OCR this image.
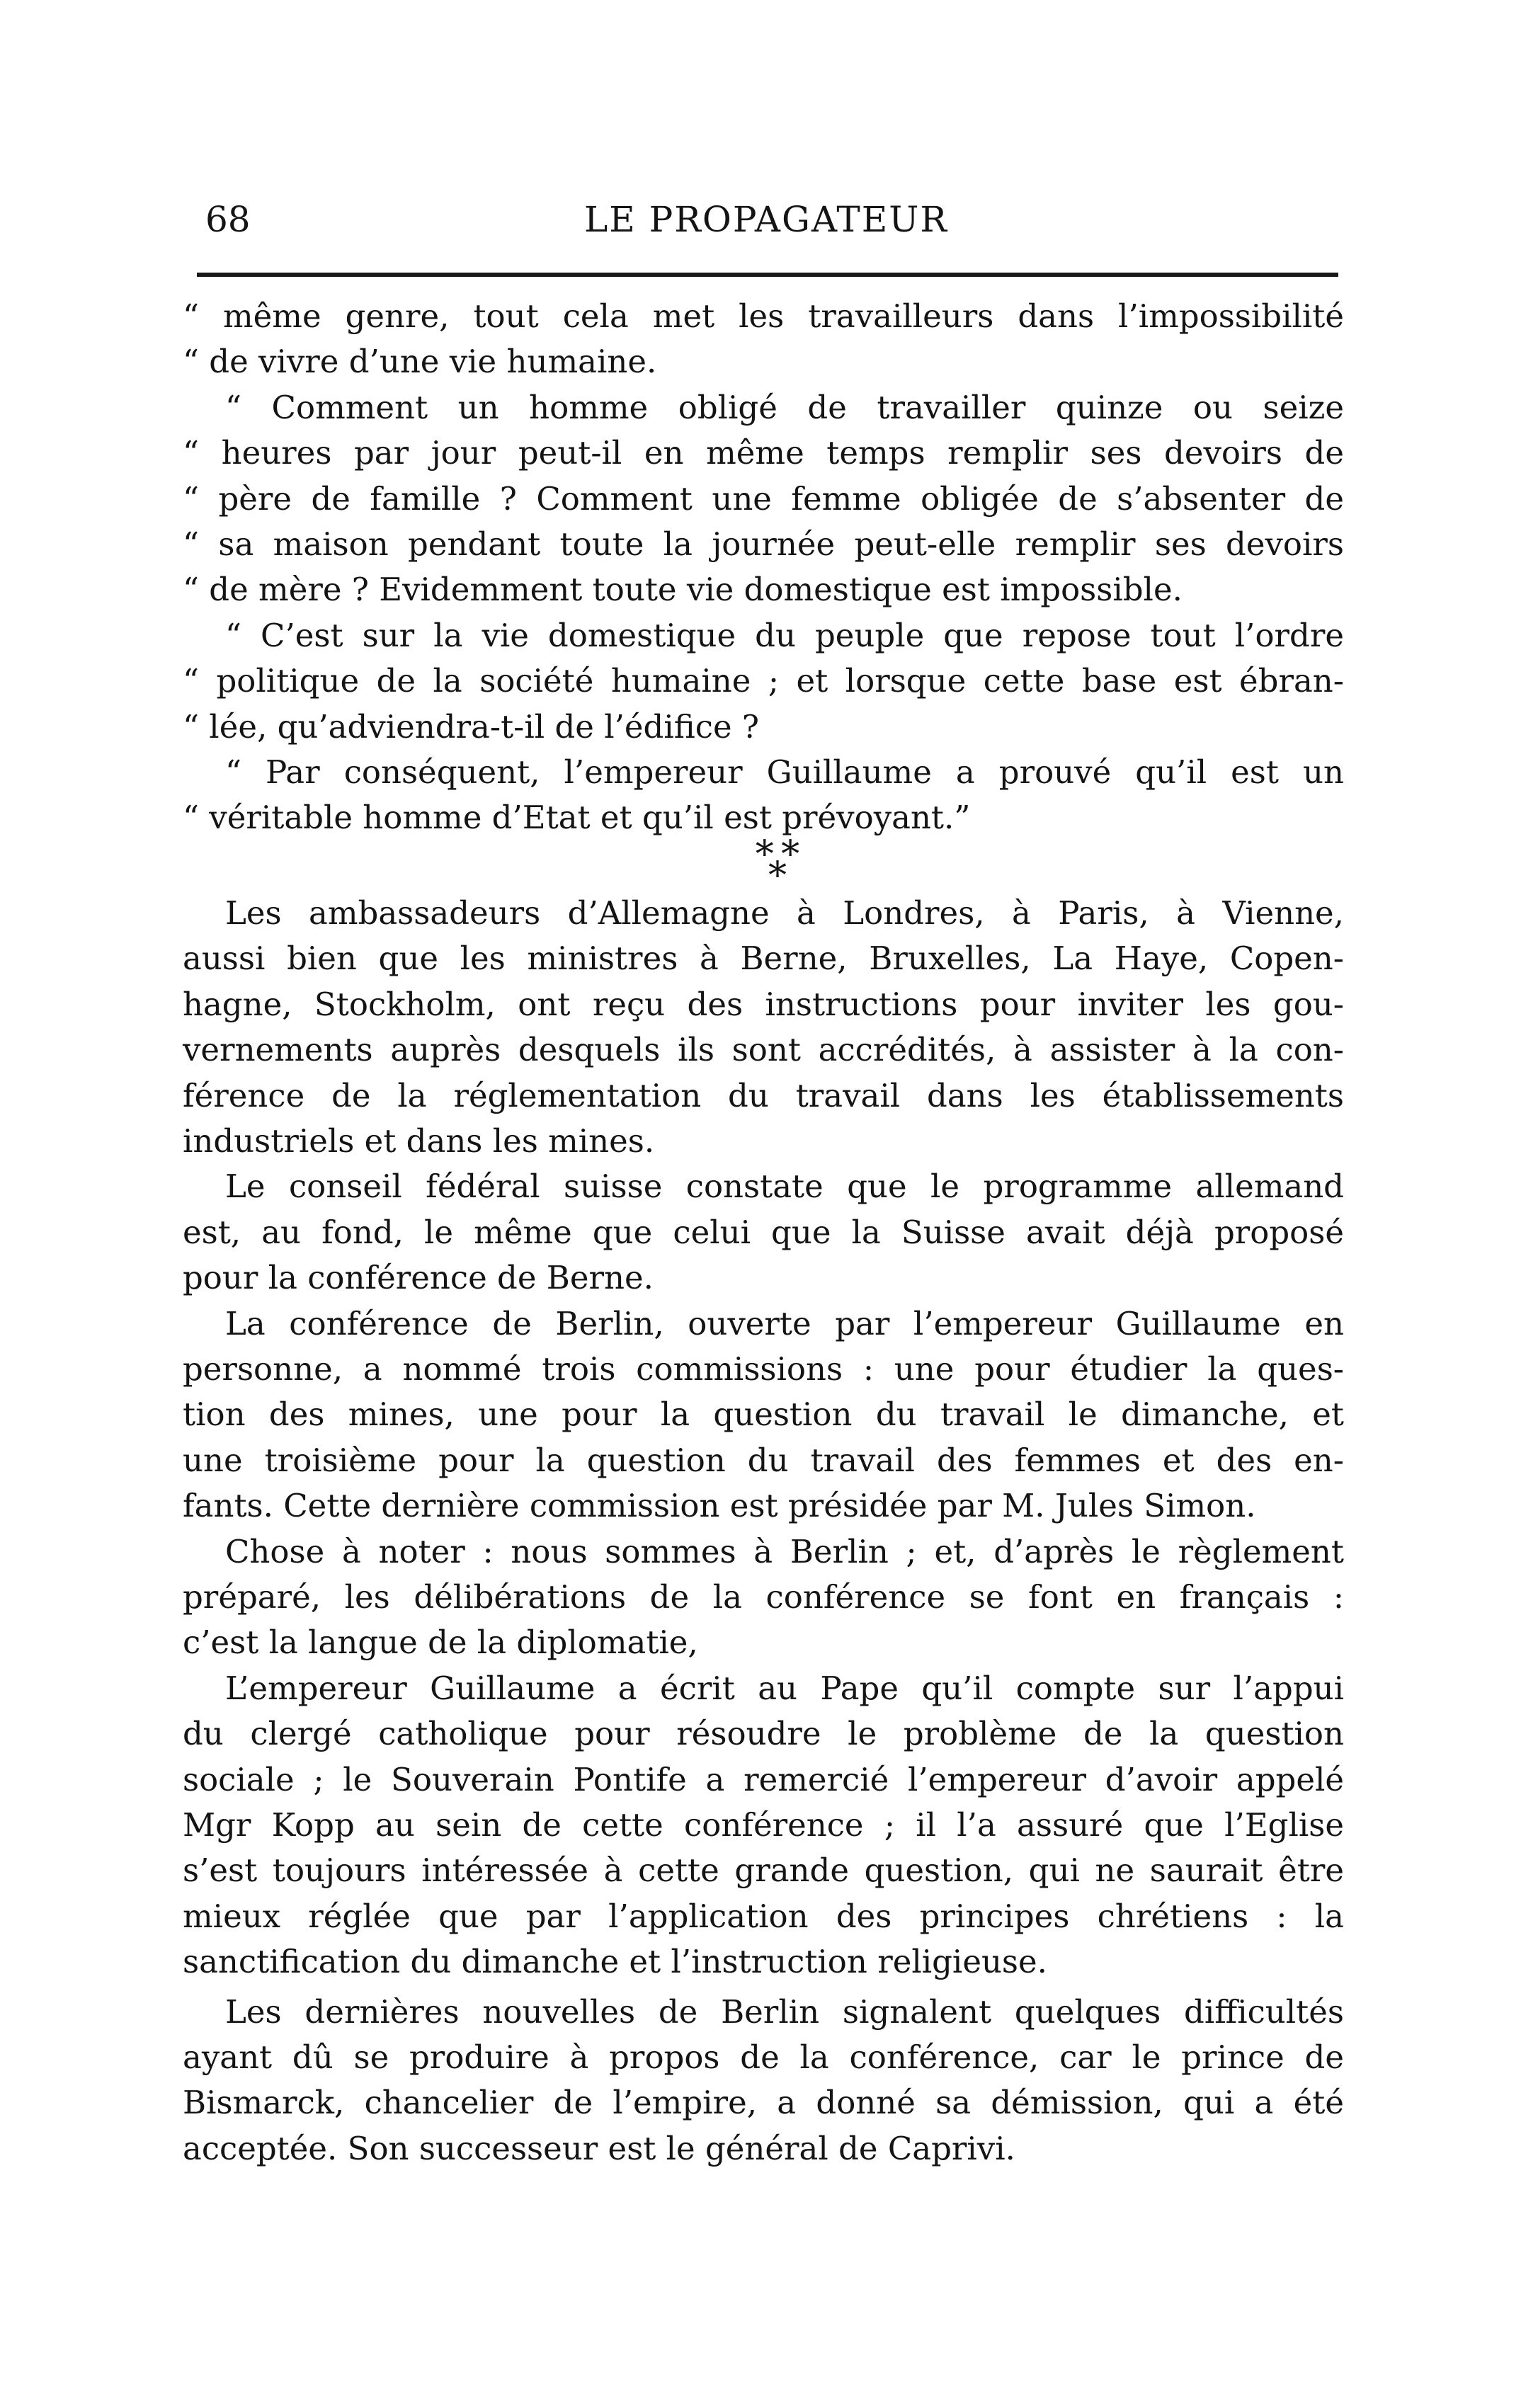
68	LE PROPAGATEUR
“ même genre, tout cela met les travailleurs dans l’impossibilité
“ de vivre d’une vie humaine.
“ Comment un homme obligé de travailler quinze ou seize
“ heures par jour peut-il en même temps remplir ses devoirs de
“ père de famille ? Comment une femme obligée de s’absenter de
“ sa maison pendant toute la journée peut-elle remplir ses devoirs
“ de mère ? Evidemment toute vie domestique est impossible.
“ C’est sur la vie domestique du peuple que repose tout l’ordre
“ politique de la société humaine ; et lorsque cette base est ébran-
“ lée, qu’adviendra-t-il de l’édifice ?
“ Par conséquent, l’empereur Guillaume a prouvé qu’il est un
“ véritable homme d’Etat et qu’il est prévoyant.”
* *
*
Les ambassadeurs d’Allemagne à Londres, à Paris, à Vienne,
aussi bien que les ministres à Berne, Bruxelles, La Haye, Copen-
hagne, Stockholm, ont reçu des instructions pour inviter les gou-
vernements auprès desquels ils sont accrédités, à assister à la con-
férence de la réglementation du travail dans les établissements
industriels et dans les mines.
Le conseil fédéral suisse constate que le programme allemand
est, au fond, le même que celui que la Suisse avait déjà proposé
pour la conférence de Berne.
La conférence de Berlin, ouverte par l’empereur Guillaume en
personne, a nommé trois commissions : une pour étudier la ques-
tion des mines, une pour la question du travail le dimanche, et
une troisième pour la question du travail des femmes et des en-
fants. Cette dernière commission est présidée par M. Jules Simon.
Chose à noter : nous sommes à Berlin ; et, d’après le règlement
préparé, les délibérations de la conférence se font en français :
c’est la langue de la diplomatie,
L’empereur Guillaume a écrit au Pape qu’il compte sur l’appui
du clergé catholique pour résoudre le problème de la question
sociale ; le Souverain Pontife a remercié l’empereur d’avoir appelé
Mgr Kopp au sein de cette conférence ; il l’a assuré que l’Eglise
s’est toujours intéressée à cette grande question, qui ne saurait être
mieux réglée que par l’application des principes chrétiens : la
sanctification du dimanche et l’instruction religieuse.
Les dernières nouvelles de Berlin signalent quelques difficultés
ayant dû se produire à propos de la conférence, car le prince de
Bismarck, chancelier de l’empire, a donné sa démission, qui a été
acceptée. Son successeur est le général de Caprivi.
